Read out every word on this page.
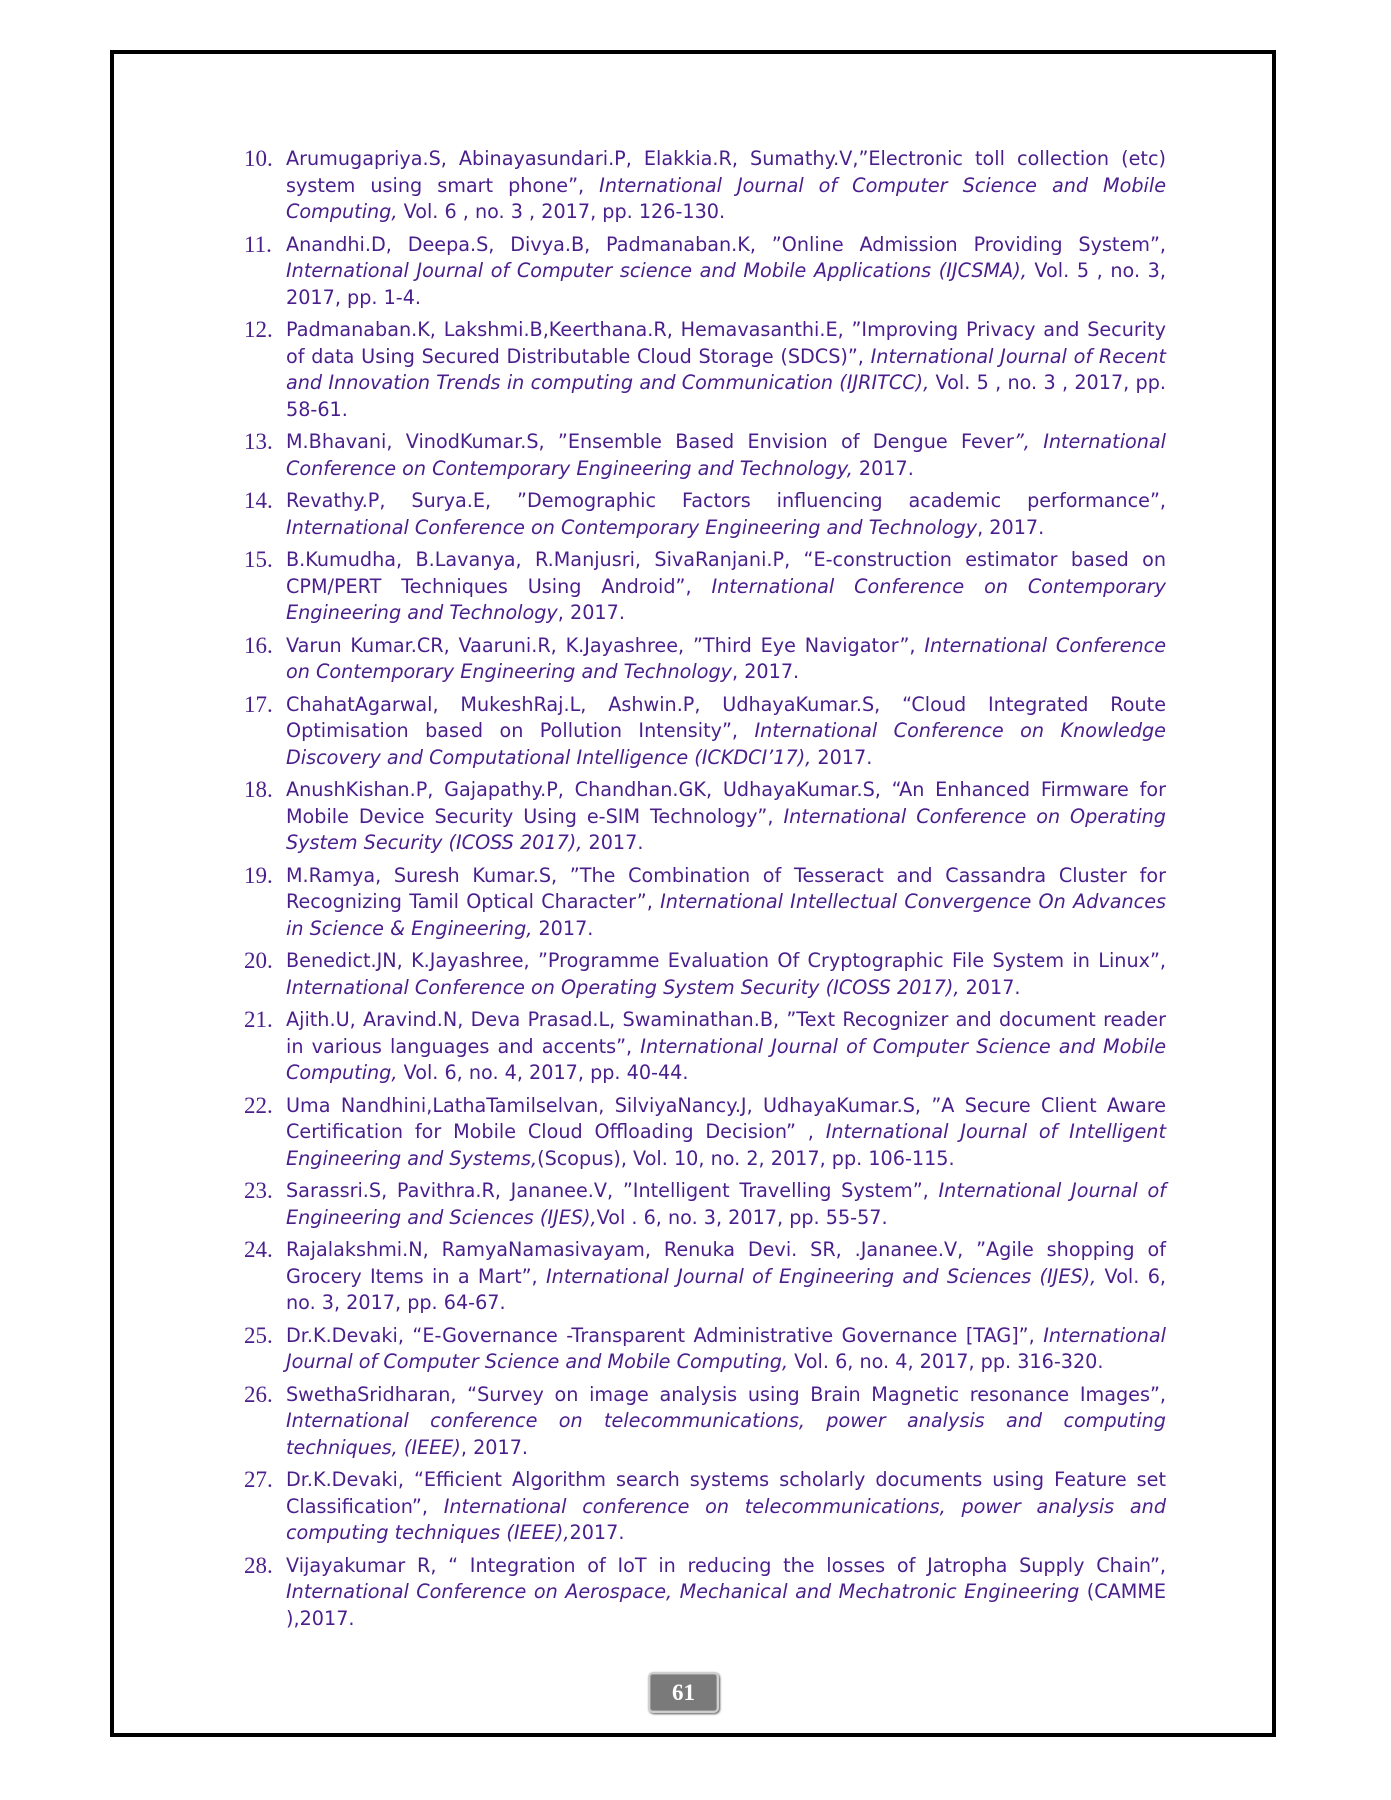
10. Arumugapriya.S, Abinayasundari.P, Elakkia.R, Sumathy.V,”Electronic toll collection (etc) system using smart phone”, International Journal of Computer Science and Mobile Computing, Vol. 6 , no. 3 , 2017, pp. 126-130.
11. Anandhi.D, Deepa.S, Divya.B, Padmanaban.K, ”Online Admission Providing System”, International Journal of Computer science and Mobile Applications (IJCSMA), Vol. 5 , no. 3, 2017, pp. 1-4.
12. Padmanaban.K, Lakshmi.B,Keerthana.R, Hemavasanthi.E, ”Improving Privacy and Security of data Using Secured Distributable Cloud Storage (SDCS)”, International Journal of Recent and Innovation Trends in computing and Communication (IJRITCC), Vol. 5 , no. 3 , 2017, pp. 58-61.
13. M.Bhavani, VinodKumar.S, ”Ensemble Based Envision of Dengue Fever”, International Conference on Contemporary Engineering and Technology, 2017.
14. Revathy.P, Surya.E, ”Demographic Factors influencing academic performance”, International Conference on Contemporary Engineering and Technology, 2017.
15. B.Kumudha, B.Lavanya, R.Manjusri, SivaRanjani.P, “E-construction estimator based on CPM/PERT Techniques Using Android”, International Conference on Contemporary Engineering and Technology, 2017.
16. Varun Kumar.CR, Vaaruni.R, K.Jayashree, ”Third Eye Navigator”, International Conference on Contemporary Engineering and Technology, 2017.
17. ChahatAgarwal, MukeshRaj.L, Ashwin.P, UdhayaKumar.S, “Cloud Integrated Route Optimisation based on Pollution Intensity”, International Conference on Knowledge Discovery and Computational Intelligence (ICKDCI’17), 2017.
18. AnushKishan.P, Gajapathy.P, Chandhan.GK, UdhayaKumar.S, “An Enhanced Firmware for Mobile Device Security Using e-SIM Technology”, International Conference on Operating System Security (ICOSS 2017), 2017.
19. M.Ramya, Suresh Kumar.S, ”The Combination of Tesseract and Cassandra Cluster for Recognizing Tamil Optical Character”, International Intellectual Convergence On Advances in Science & Engineering, 2017.
20. Benedict.JN, K.Jayashree, ”Programme Evaluation Of Cryptographic File System in Linux”, International Conference on Operating System Security (ICOSS 2017), 2017.
21. Ajith.U, Aravind.N, Deva Prasad.L, Swaminathan.B, ”Text Recognizer and document reader in various languages and accents”, International Journal of Computer Science and Mobile Computing, Vol. 6, no. 4, 2017, pp. 40-44.
22. Uma Nandhini,LathaTamilselvan, SilviyaNancy.J, UdhayaKumar.S, ”A Secure Client Aware Certification for Mobile Cloud Offloading Decision” , International Journal of Intelligent Engineering and Systems,(Scopus), Vol. 10, no. 2, 2017, pp. 106-115.
23. Sarassri.S, Pavithra.R, Jananee.V, ”Intelligent Travelling System”, International Journal of Engineering and Sciences (IJES),Vol . 6, no. 3, 2017, pp. 55-57.
24. Rajalakshmi.N, RamyaNamasivayam, Renuka Devi. SR, .Jananee.V, ”Agile shopping of Grocery Items in a Mart”, International Journal of Engineering and Sciences (IJES), Vol. 6, no. 3, 2017, pp. 64-67.
25. Dr.K.Devaki, “E-Governance -Transparent Administrative Governance [TAG]”, International Journal of Computer Science and Mobile Computing, Vol. 6, no. 4, 2017, pp. 316-320.
26. SwethaSridharan, “Survey on image analysis using Brain Magnetic resonance Images”, International conference on telecommunications, power analysis and computing techniques, (IEEE), 2017.
27. Dr.K.Devaki, “Efficient Algorithm search systems scholarly documents using Feature set Classification”, International conference on telecommunications, power analysis and computing techniques (IEEE),2017.
28. Vijayakumar R, “ Integration of IoT in reducing the losses of Jatropha Supply Chain”, International Conference on Aerospace, Mechanical and Mechatronic Engineering (CAMME ),2017.
61
